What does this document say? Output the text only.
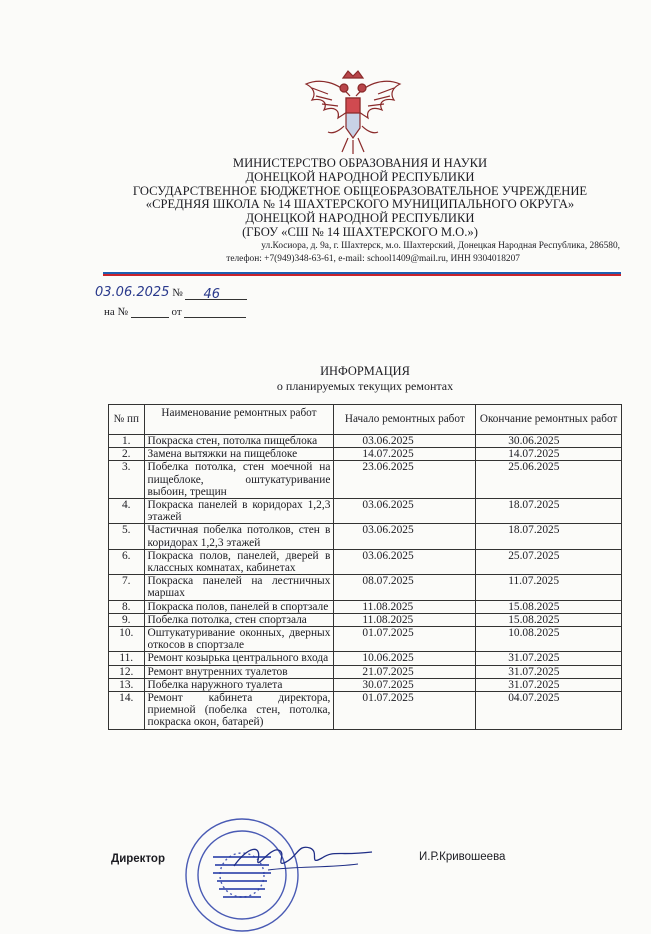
МИНИСТЕРСТВО ОБРАЗОВАНИЯ И НАУКИ
ДОНЕЦКОЙ НАРОДНОЙ РЕСПУБЛИКИ
ГОСУДАРСТВЕННОЕ БЮДЖЕТНОЕ ОБЩЕОБРАЗОВАТЕЛЬНОЕ УЧРЕЖДЕНИЕ
«СРЕДНЯЯ ШКОЛА № 14 ШАХТЕРСКОГО МУНИЦИПАЛЬНОГО ОКРУГА»
ДОНЕЦКОЙ НАРОДНОЙ РЕСПУБЛИКИ
(ГБОУ «СШ № 14 ШАХТЕРСКОГО М.О.»)
ул.Косиора, д. 9а, г. Шахтерск, м.о. Шахтерский, Донецкая Народная Республика, 286580,
телефон: +7(949)348-63-61, e-mail: school1409@mail.ru, ИНН 9304018207
03.06.2025 № 46
на №	от
ИНФОРМАЦИЯ
о планируемых текущих ремонтах
№ пп	Наименование ремонтных работ	Начало ремонтных работ	Окончание ремонтных работ
1.	Покраска стен, потолка пищеблока	03.06.2025	30.06.2025
2.	Замена вытяжки на пищеблоке	14.07.2025	14.07.2025
3.	Побелка потолка, стен моечной на пищеблоке, оштукатуривание выбоин, трещин	23.06.2025	25.06.2025
4.	Покраска панелей в коридорах 1,2,3 этажей	03.06.2025	18.07.2025
5.	Частичная побелка потолков, стен в коридорах 1,2,3 этажей	03.06.2025	18.07.2025
6.	Покраска полов, панелей, дверей в классных комнатах, кабинетах	03.06.2025	25.07.2025
7.	Покраска панелей на лестничных маршах	08.07.2025	11.07.2025
8.	Покраска полов, панелей в спортзале	11.08.2025	15.08.2025
9.	Побелка потолка, стен спортзала	11.08.2025	15.08.2025
10.	Оштукатуривание оконных, дверных откосов в спортзале	01.07.2025	10.08.2025
11.	Ремонт козырька центрального входа	10.06.2025	31.07.2025
12.	Ремонт внутренних туалетов	21.07.2025	31.07.2025
13.	Побелка наружного туалета	30.07.2025	31.07.2025
14.	Ремонт кабинета директора, приемной (побелка стен, потолка, покраска окон, батарей)	01.07.2025	04.07.2025
Директор	И.Р.Кривошеева
